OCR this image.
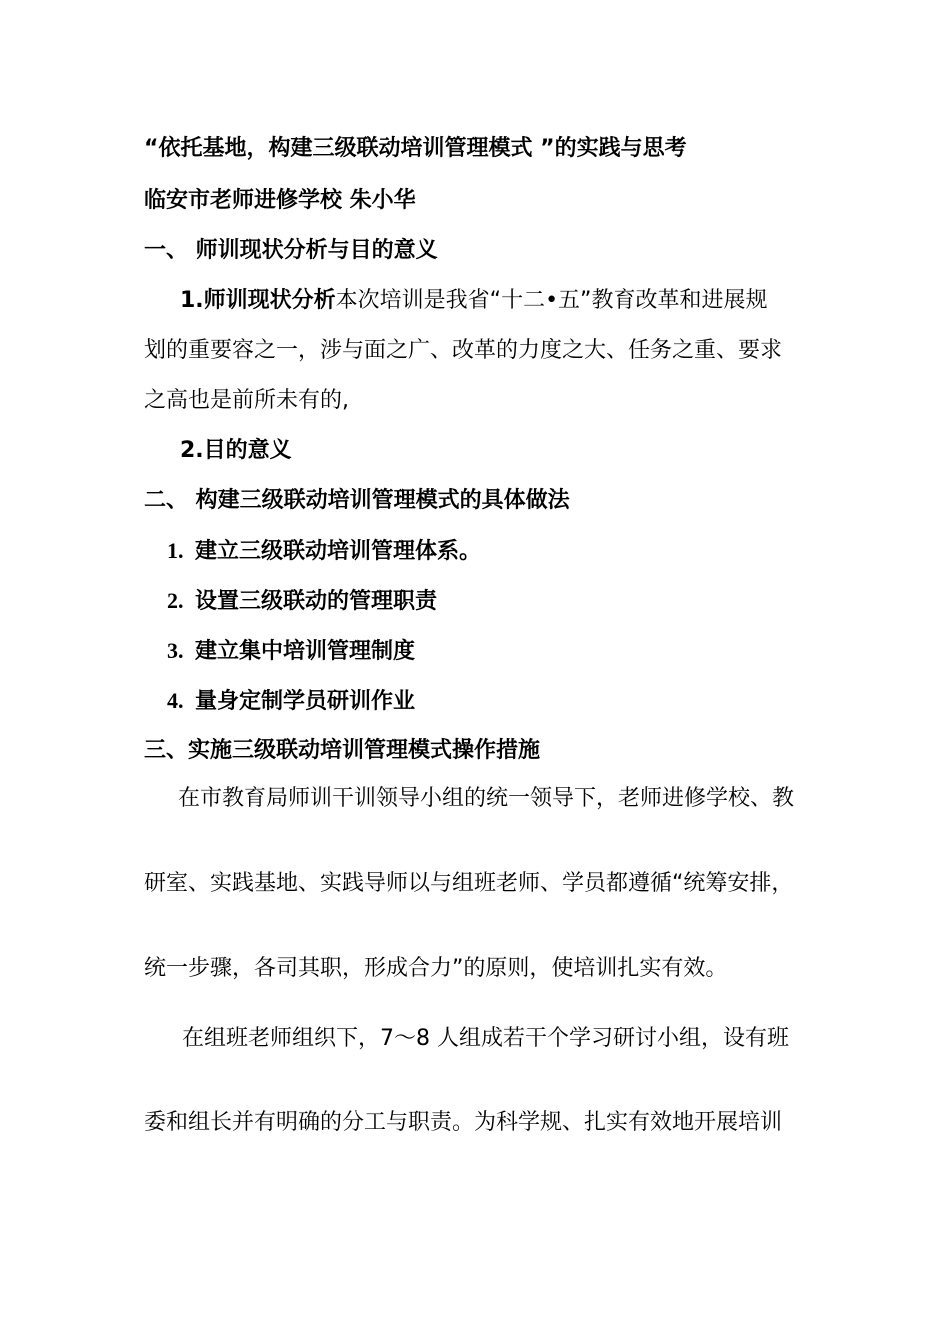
“依托基地，构建三级联动培训管理模式 ”的实践与思考
临安市老师进修学校 朱小华
一、 师训现状分析与目的意义
1.师训现状分析本次培训是我省“十二•五”教育改革和进展规
划的重要容之一，涉与面之广、改革的力度之大、任务之重、要求
之高也是前所未有的,
2.目的意义
二、 构建三级联动培训管理模式的具体做法
1. 建立三级联动培训管理体系。
2. 设置三级联动的管理职责
3. 建立集中培训管理制度
4. 量身定制学员研训作业
三、实施三级联动培训管理模式操作措施
在市教育局师训干训领导小组的统一领导下，老师进修学校、教
研室、实践基地、实践导师以与组班老师、学员都遵循“统筹安排，
统一步骤，各司其职，形成合力”的原则，使培训扎实有效。
在组班老师组织下，7～8 人组成若干个学习研讨小组，设有班
委和组长并有明确的分工与职责。为科学规、扎实有效地开展培训
